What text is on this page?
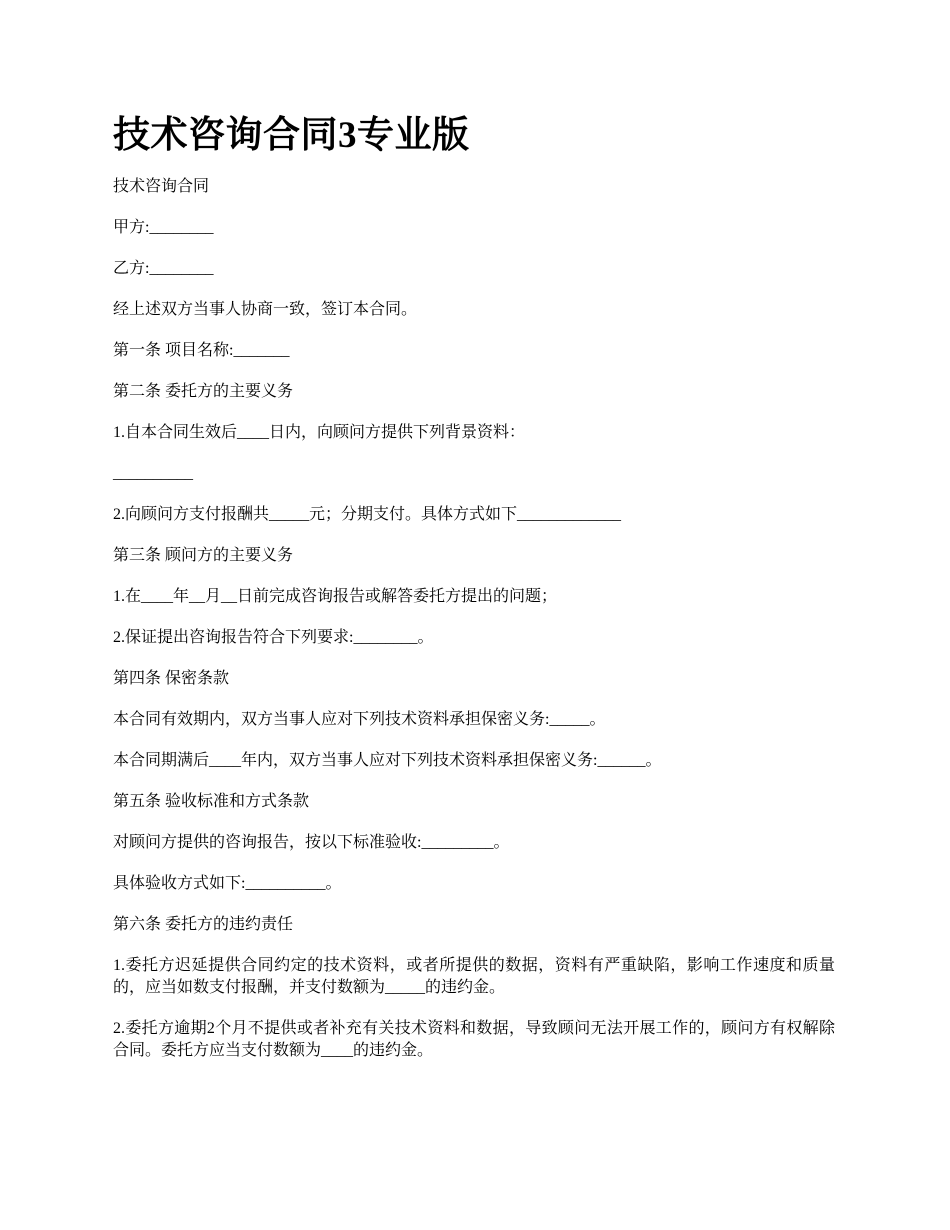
技术咨询合同3专业版

技术咨询合同

甲方:________

乙方:________

经上述双方当事人协商一致，签订本合同。

第一条 项目名称:_______

第二条 委托方的主要义务

1.自本合同生效后____日内，向顾问方提供下列背景资料：

__________

2.向顾问方支付报酬共_____元；分期支付。具体方式如下_____________

第三条 顾问方的主要义务

1.在____年__月__日前完成咨询报告或解答委托方提出的问题；

2.保证提出咨询报告符合下列要求:________。

第四条 保密条款

本合同有效期内，双方当事人应对下列技术资料承担保密义务:_____。

本合同期满后____年内，双方当事人应对下列技术资料承担保密义务:______。

第五条 验收标准和方式条款

对顾问方提供的咨询报告，按以下标准验收:_________。

具体验收方式如下:__________。

第六条 委托方的违约责任

1.委托方迟延提供合同约定的技术资料，或者所提供的数据，资料有严重缺陷，影响工作速度和质量的，应当如数支付报酬，并支付数额为_____的违约金。

2.委托方逾期2个月不提供或者补充有关技术资料和数据，导致顾问无法开展工作的，顾问方有权解除合同。委托方应当支付数额为____的违约金。
